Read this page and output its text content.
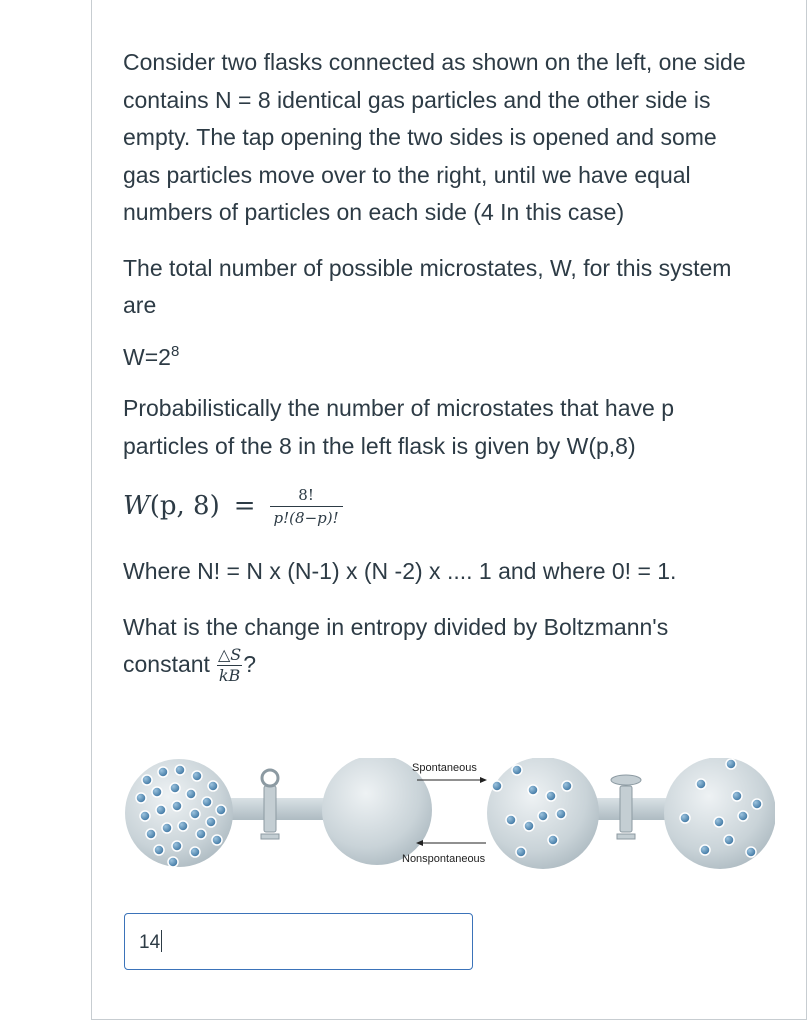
Consider two flasks connected as shown on the left, one side contains N = 8 identical gas particles and the other side is empty. The tap opening the two sides is opened and some gas particles move over to the right, until we have equal numbers of particles on each side (4 In this case)

The total number of possible microstates, W, for this system are

$W=2^8$

Probabilistically the number of microstates that have p particles of the 8 in the left flask is given by W(p,8)

W(p, $8) = \frac{8!}{p!(8-p)!}$

Where N! = N x (N-1) x (N -2) x .... 1 and where 0! = 1.

What is the change in entropy divided by Boltzmann's constant $\frac{\triangle S}{kB}$ ?

Spontaneous
Nonspontaneous
14
